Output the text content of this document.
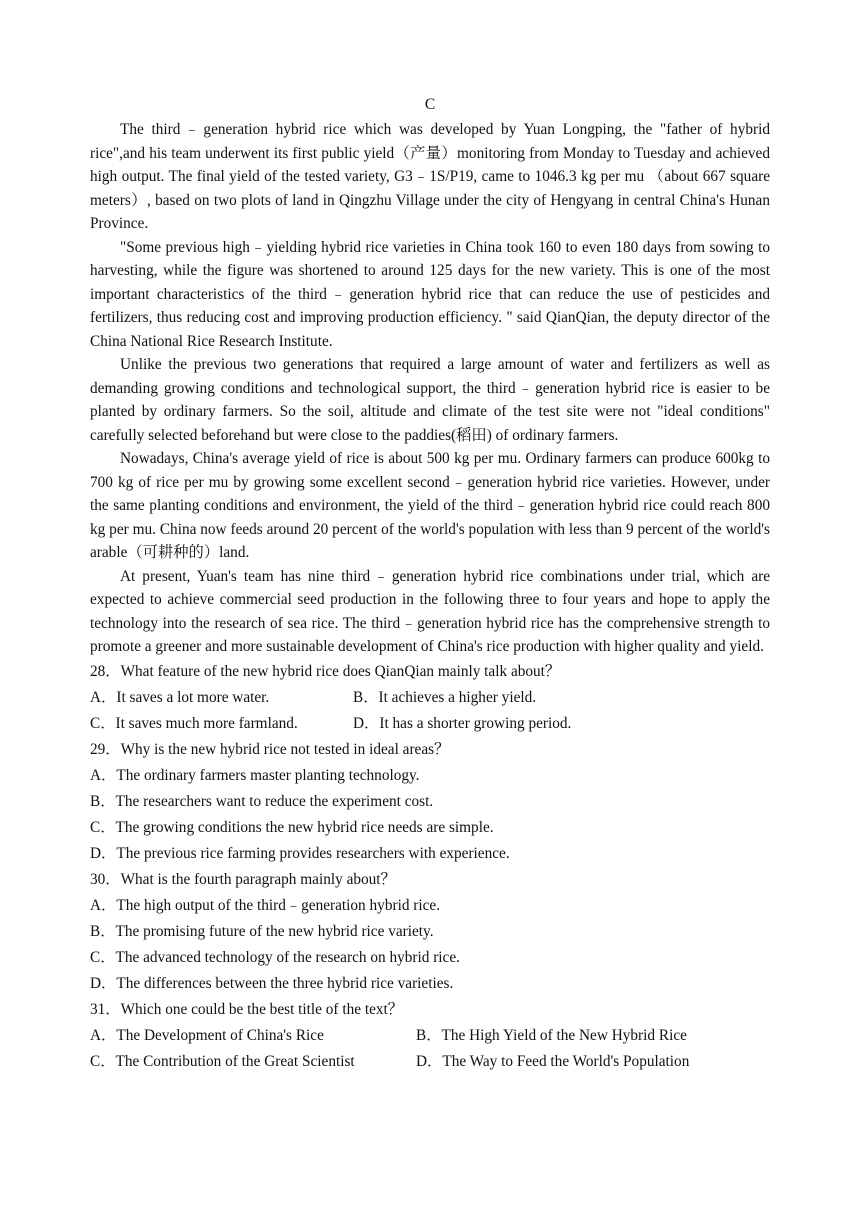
C

The third﹣generation hybrid rice which was developed by Yuan Longping, the "father of hybrid rice",and his team underwent its first public yield（产量）monitoring from Monday to Tuesday and achieved high output. The final yield of the tested variety, G3﹣1S/P19, came to 1046.3 kg per mu （about 667 square meters）, based on two plots of land in Qingzhu Village under the city of Hengyang in central China's Hunan Province.

"Some previous high﹣yielding hybrid rice varieties in China took 160 to even 180 days from sowing to harvesting, while the figure was shortened to around 125 days for the new variety. This is one of the most important characteristics of the third﹣generation hybrid rice that can reduce the use of pesticides and fertilizers, thus reducing cost and improving production efficiency. " said QianQian, the deputy director of the China National Rice Research Institute.

Unlike the previous two generations that required a large amount of water and fertilizers as well as demanding growing conditions and technological support, the third﹣generation hybrid rice is easier to be planted by ordinary farmers. So the soil, altitude and climate of the test site were not "ideal conditions" carefully selected beforehand but were close to the paddies(稻田) of ordinary farmers.

Nowadays, China's average yield of rice is about 500 kg per mu. Ordinary farmers can produce 600kg to 700 kg of rice per mu by growing some excellent second﹣generation hybrid rice varieties. However, under the same planting conditions and environment, the yield of the third﹣generation hybrid rice could reach 800 kg per mu. China now feeds around 20 percent of the world's population with less than 9 percent of the world's arable（可耕种的）land.

At present, Yuan's team has nine third﹣generation hybrid rice combinations under trial, which are expected to achieve commercial seed production in the following three to four years and hope to apply the technology into the research of sea rice. The third﹣generation hybrid rice has the comprehensive strength to promote a greener and more sustainable development of China's rice production with higher quality and yield.

28．What feature of the new hybrid rice does QianQian mainly talk about？

A．It saves a lot more water.	B．It achieves a higher yield.
C．It saves much more farmland.	D．It has a shorter growing period.

29．Why is the new hybrid rice not tested in ideal areas？

A．The ordinary farmers master planting technology.
B．The researchers want to reduce the experiment cost.
C．The growing conditions the new hybrid rice needs are simple.
D．The previous rice farming provides researchers with experience.

30．What is the fourth paragraph mainly about？

A．The high output of the third﹣generation hybrid rice.
B．The promising future of the new hybrid rice variety.
C．The advanced technology of the research on hybrid rice.
D．The differences between the three hybrid rice varieties.

31．Which one could be the best title of the text？

A．The Development of China's Rice	B．The High Yield of the New Hybrid Rice
C．The Contribution of the Great Scientist	D．The Way to Feed the World's Population
